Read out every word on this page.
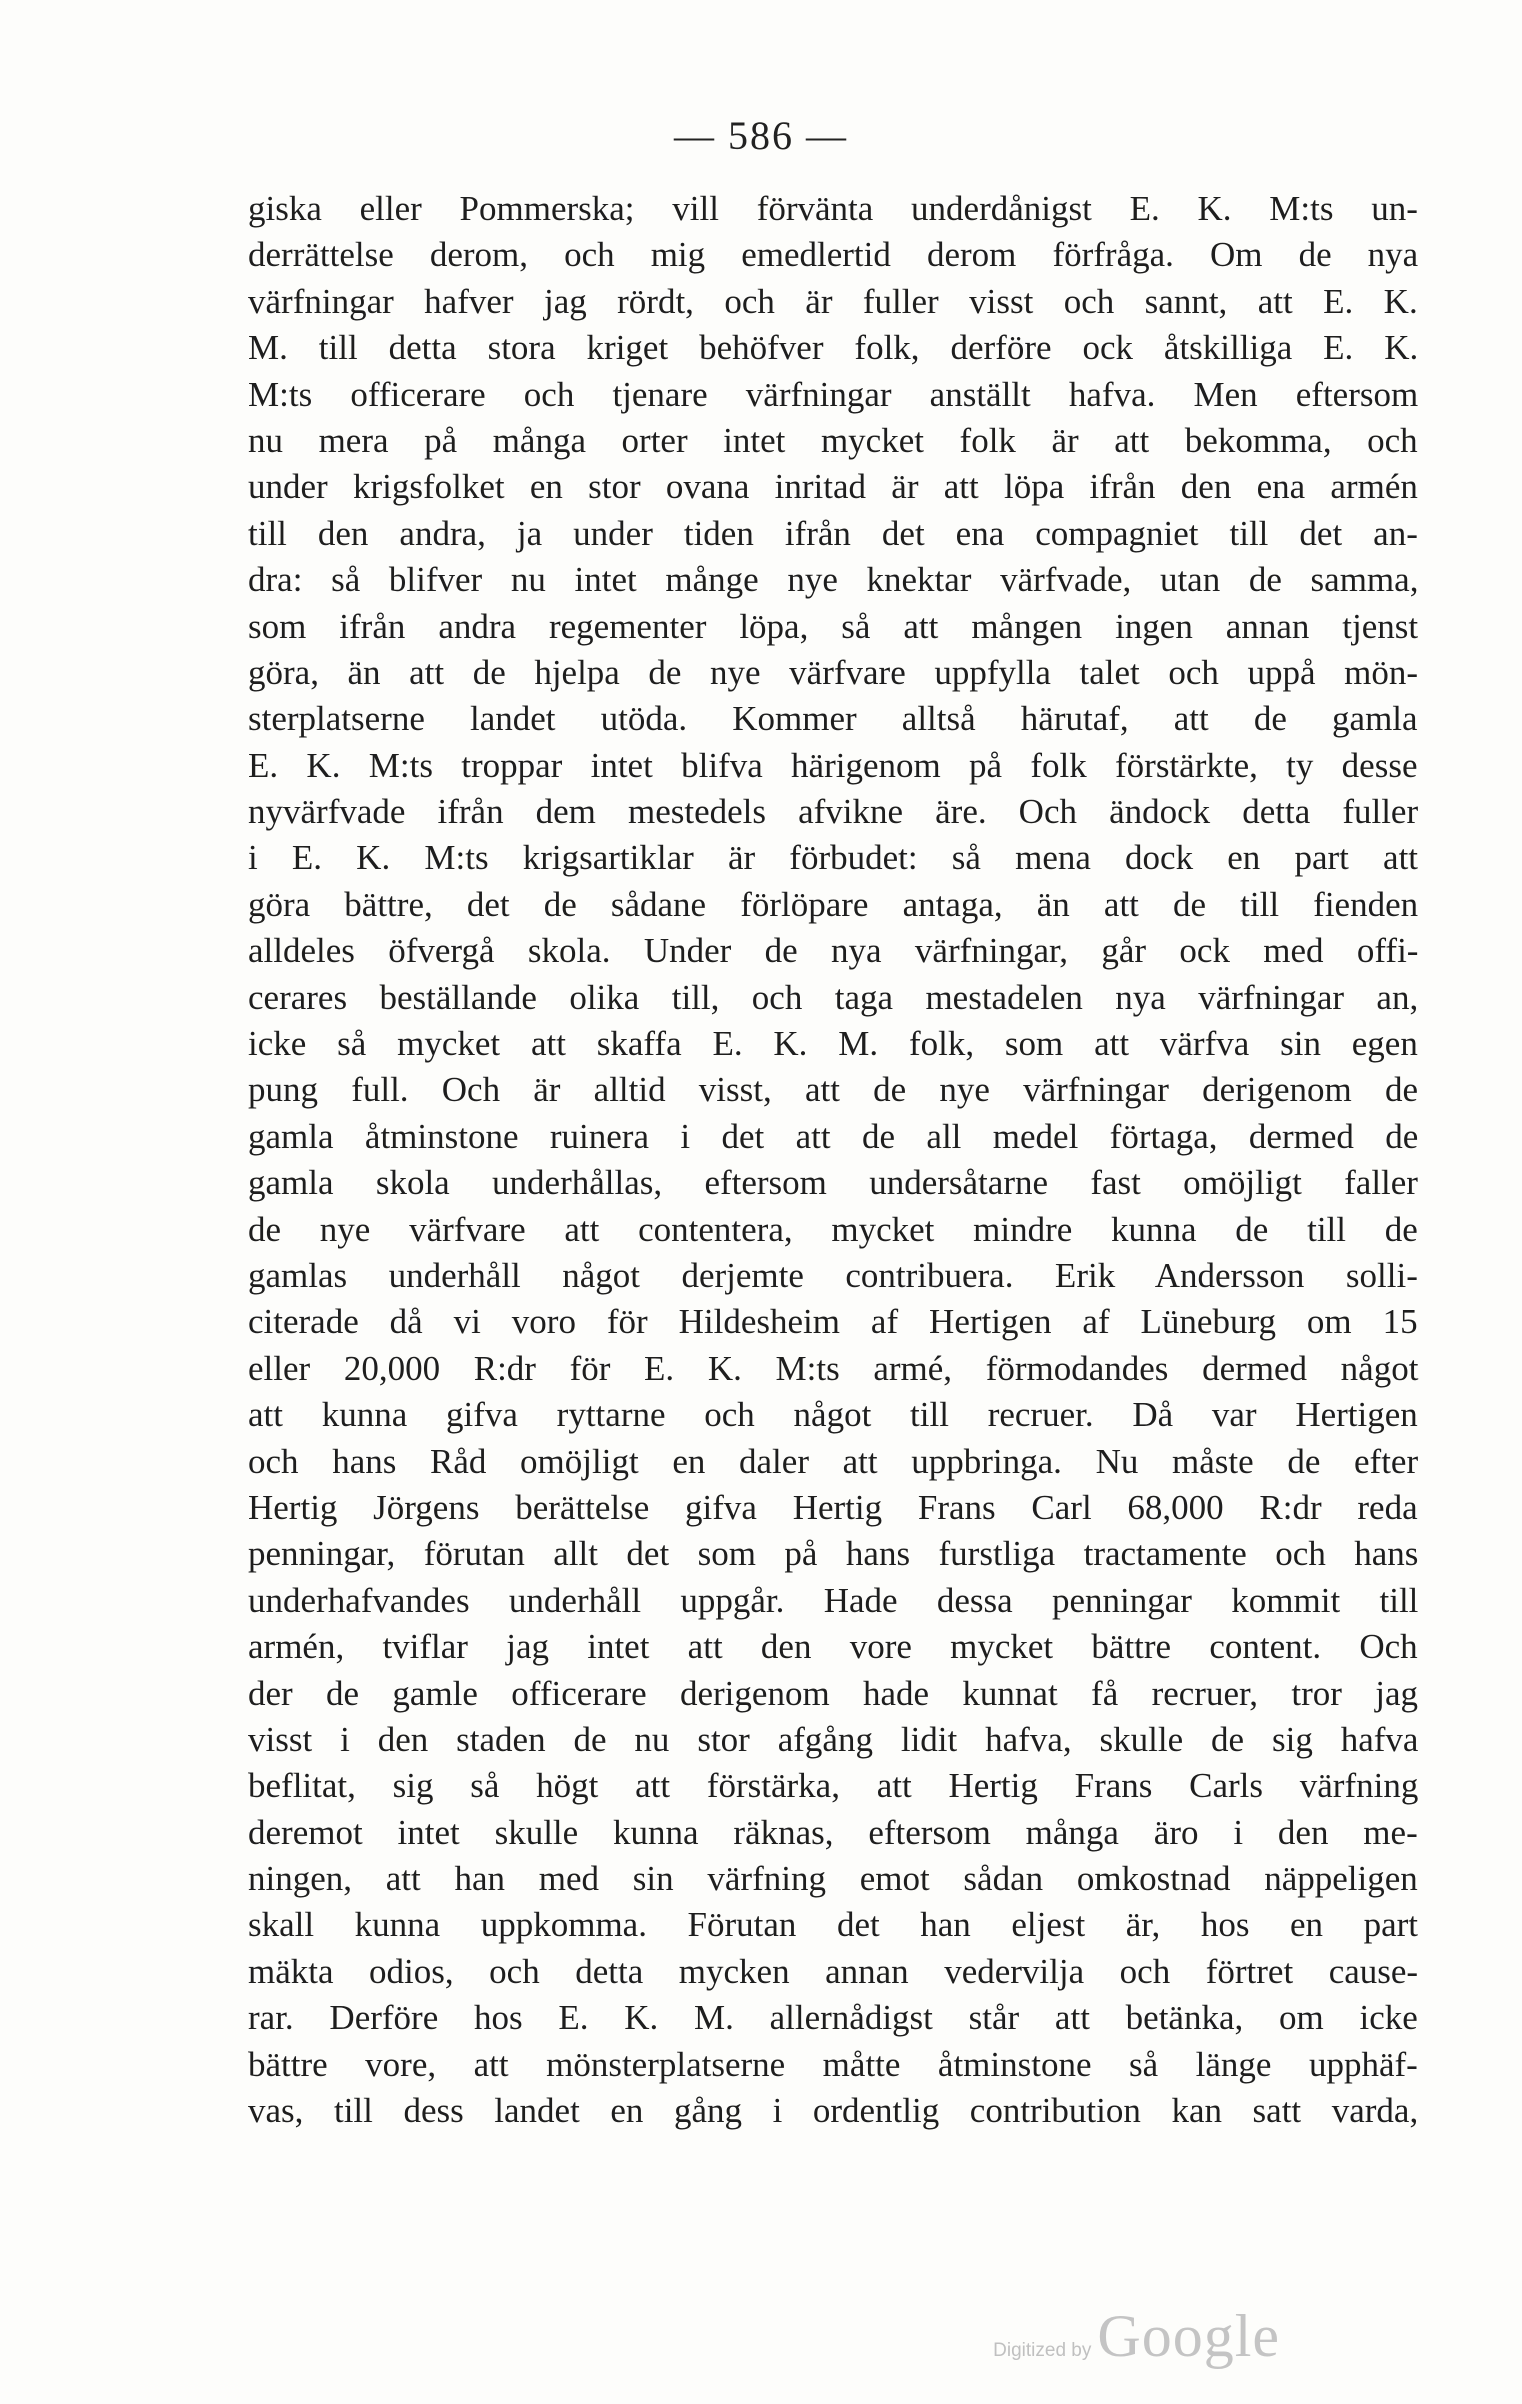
— 586 —
giska eller Pommerska; vill förvänta underdånigst E. K. M:ts un-
derrättelse derom, och mig emedlertid derom förfråga. Om de nya
värfningar hafver jag rördt, och är fuller visst och sannt, att E. K.
M. till detta stora kriget behöfver folk, derföre ock åtskilliga E. K.
M:ts officerare och tjenare värfningar anställt hafva. Men eftersom
nu mera på många orter intet mycket folk är att bekomma, och
under krigsfolket en stor ovana inritad är att löpa ifrån den ena armén
till den andra, ja under tiden ifrån det ena compagniet till det an-
dra: så blifver nu intet månge nye knektar värfvade, utan de samma,
som ifrån andra regementer löpa, så att mången ingen annan tjenst
göra, än att de hjelpa de nye värfvare uppfylla talet och uppå mön-
sterplatserne landet utöda. Kommer alltså härutaf, att de gamla
E. K. M:ts troppar intet blifva härigenom på folk förstärkte, ty desse
nyvärfvade ifrån dem mestedels afvikne äre. Och ändock detta fuller
i E. K. M:ts krigsartiklar är förbudet: så mena dock en part att
göra bättre, det de sådane förlöpare antaga, än att de till fienden
alldeles öfvergå skola. Under de nya värfningar, går ock med offi-
cerares beställande olika till, och taga mestadelen nya värfningar an,
icke så mycket att skaffa E. K. M. folk, som att värfva sin egen
pung full. Och är alltid visst, att de nye värfningar derigenom de
gamla åtminstone ruinera i det att de all medel förtaga, dermed de
gamla skola underhållas, eftersom undersåtarne fast omöjligt faller
de nye värfvare att contentera, mycket mindre kunna de till de
gamlas underhåll något derjemte contribuera. Erik Andersson solli-
citerade då vi voro för Hildesheim af Hertigen af Lüneburg om 15
eller 20,000 R:dr för E. K. M:ts armé, förmodandes dermed något
att kunna gifva ryttarne och något till recruer. Då var Hertigen
och hans Råd omöjligt en daler att uppbringa. Nu måste de efter
Hertig Jörgens berättelse gifva Hertig Frans Carl 68,000 R:dr reda
penningar, förutan allt det som på hans furstliga tractamente och hans
underhafvandes underhåll uppgår. Hade dessa penningar kommit till
armén, tviflar jag intet att den vore mycket bättre content. Och
der de gamle officerare derigenom hade kunnat få recruer, tror jag
visst i den staden de nu stor afgång lidit hafva, skulle de sig hafva
beflitat, sig så högt att förstärka, att Hertig Frans Carls värfning
deremot intet skulle kunna räknas, eftersom många äro i den me-
ningen, att han med sin värfning emot sådan omkostnad näppeligen
skall kunna uppkomma. Förutan det han eljest är, hos en part
mäkta odios, och detta mycken annan vedervilja och förtret cause-
rar. Derföre hos E. K. M. allernådigst står att betänka, om icke
bättre vore, att mönsterplatserne måtte åtminstone så länge upphäf-
vas, till dess landet en gång i ordentlig contribution kan satt varda,
Digitized by Google
